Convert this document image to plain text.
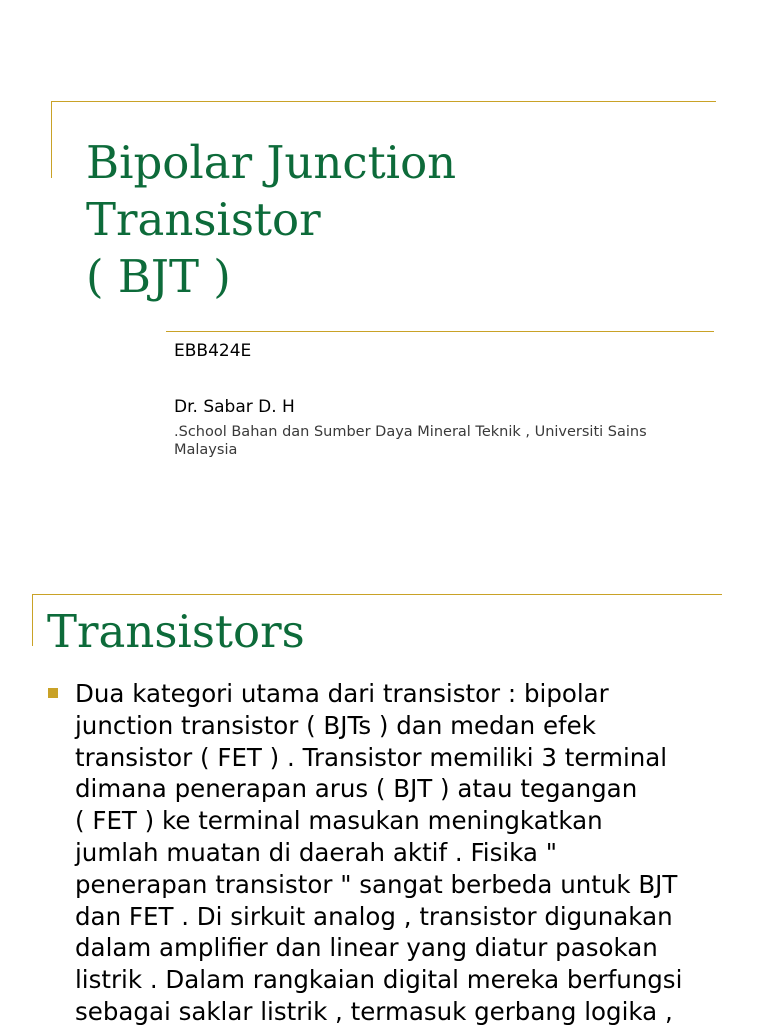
Bipolar Junction
Transistor
( BJT )

EBB424E

Dr. Sabar D. H

.School Bahan dan Sumber Daya Mineral Teknik , Universiti Sains
Malaysia

Transistors

Dua kategori utama dari transistor : bipolar
junction transistor ( BJTs ) dan medan efek
transistor ( FET ) . Transistor memiliki 3 terminal
dimana penerapan arus ( BJT ) atau tegangan
( FET ) ke terminal masukan meningkatkan
jumlah muatan di daerah aktif . Fisika "
penerapan transistor " sangat berbeda untuk BJT
dan FET . Di sirkuit analog , transistor digunakan
dalam amplifier dan linear yang diatur pasokan
listrik . Dalam rangkaian digital mereka berfungsi
sebagai saklar listrik , termasuk gerbang logika ,
